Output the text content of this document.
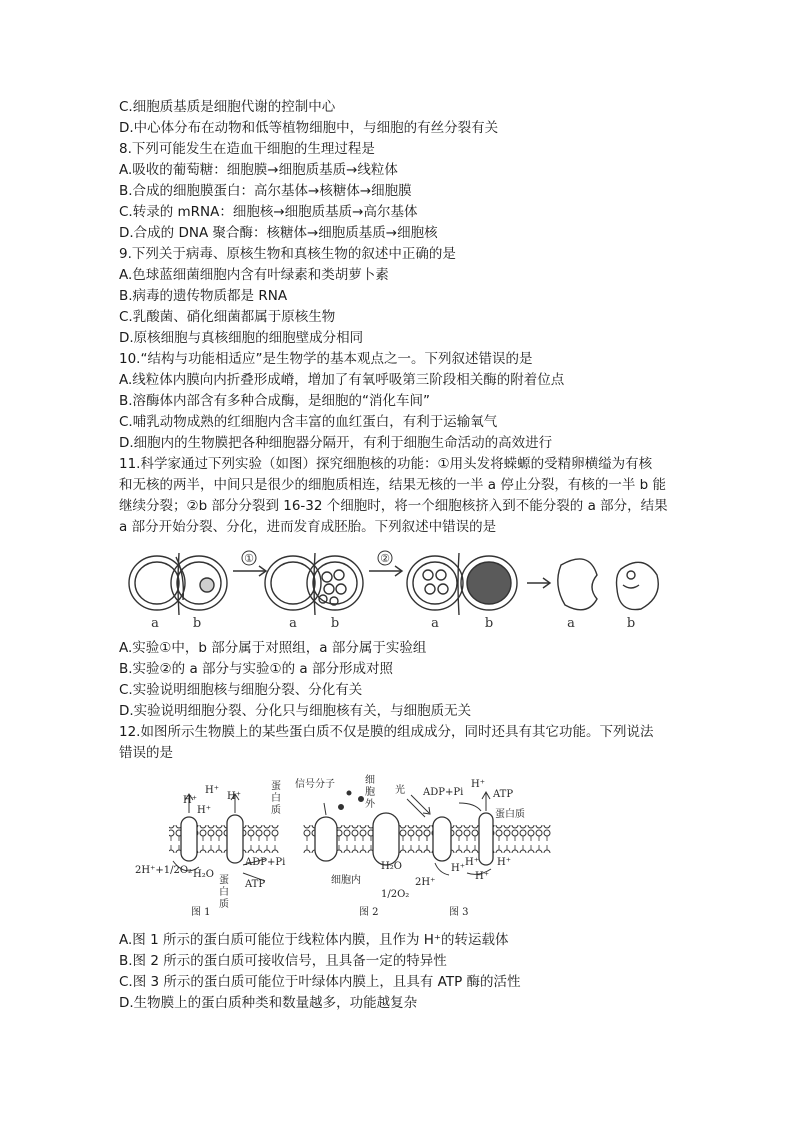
C.细胞质基质是细胞代谢的控制中心
D.中心体分布在动物和低等植物细胞中，与细胞的有丝分裂有关
8.下列可能发生在造血干细胞的生理过程是
A.吸收的葡萄糖：细胞膜→细胞质基质→线粒体
B.合成的细胞膜蛋白：高尔基体→核糖体→细胞膜
C.转录的 mRNA：细胞核→细胞质基质→高尔基体
D.合成的 DNA 聚合酶：核糖体→细胞质基质→细胞核
9.下列关于病毒、原核生物和真核生物的叙述中正确的是
A.色球蓝细菌细胞内含有叶绿素和类胡萝卜素
B.病毒的遗传物质都是 RNA
C.乳酸菌、硝化细菌都属于原核生物
D.原核细胞与真核细胞的细胞壁成分相同
10.“结构与功能相适应”是生物学的基本观点之一。下列叙述错误的是
A.线粒体内膜向内折叠形成嵴，增加了有氧呼吸第三阶段相关酶的附着位点
B.溶酶体内部含有多种合成酶，是细胞的“消化车间”
C.哺乳动物成熟的红细胞内含丰富的血红蛋白，有利于运输氧气
D.细胞内的生物膜把各种细胞器分隔开，有利于细胞生命活动的高效进行
11.科学家通过下列实验（如图）探究细胞核的功能：①用头发将蝾螈的受精卵横缢为有核
和无核的两半，中间只是很少的细胞质相连，结果无核的一半 a 停止分裂，有核的一半 b 能
继续分裂；②b 部分分裂到 16-32 个细胞时，将一个细胞核挤入到不能分裂的 a 部分，结果
a 部分开始分裂、分化，进而发育成胚胎。下列叙述中错误的是
①	②
a	b	a	b	a	b	a	b
A.实验①中，b 部分属于对照组，a 部分属于实验组
B.实验②的 a 部分与实验①的 a 部分形成对照
C.实验说明细胞核与细胞分裂、分化有关
D.实验说明细胞分裂、分化只与细胞核有关，与细胞质无关
12.如图所示生物膜上的某些蛋白质不仅是膜的组成成分，同时还具有其它功能。下列说法
错误的是
H⁺
H⁺
H⁺
H⁺
2H⁺+1/2O₂ H₂O
ADP+Pi
ATP
蛋
白
质
图 1
蛋
白
质
信号分子	细
胞
外
细胞内
图 2
光 ADP+Pi
H⁺
ATP
蛋白质
H₂O
2H⁺
1/2O₂
H⁺
H⁺ H⁺
H⁺
图 3
A.图 1 所示的蛋白质可能位于线粒体内膜，且作为 H⁺的转运载体
B.图 2 所示的蛋白质可接收信号，且具备一定的特异性
C.图 3 所示的蛋白质可能位于叶绿体内膜上，且具有 ATP 酶的活性
D.生物膜上的蛋白质种类和数量越多，功能越复杂
